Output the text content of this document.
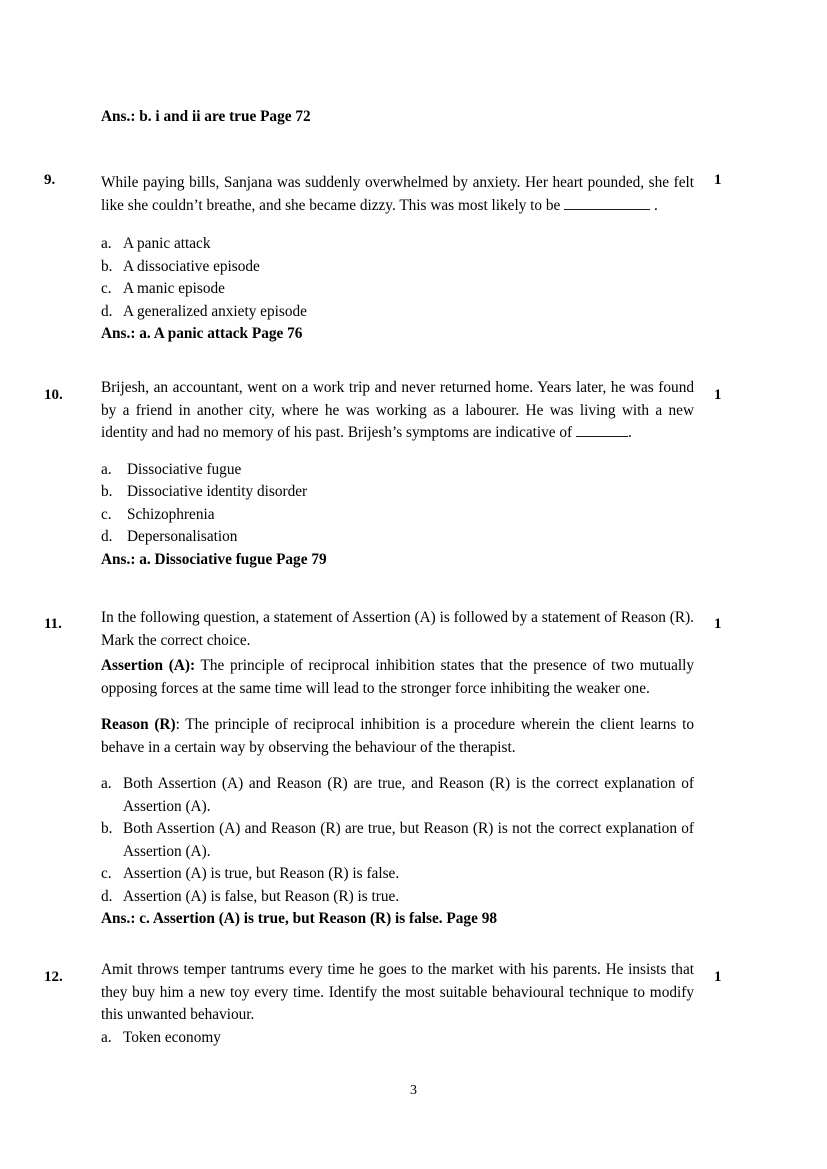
Ans.: b. i and ii are true Page 72

9.	1

While paying bills, Sanjana was suddenly overwhelmed by anxiety. Her heart pounded, she felt like she couldn’t breathe, and she became dizzy. This was most likely to be	.

a. A panic attack
b. A dissociative episode
c. A manic episode
d. A generalized anxiety episode

Ans.: a. A panic attack Page 76

10.	1

Brijesh, an accountant, went on a work trip and never returned home. Years later, he was found by a friend in another city, where he was working as a labourer. He was living with a new identity and had no memory of his past. Brijesh’s symptoms are indicative of	.

a.	Dissociative fugue
b. Dissociative identity disorder
c.	Schizophrenia
d. Depersonalisation

Ans.: a. Dissociative fugue Page 79

11.	1

In the following question, a statement of Assertion (A) is followed by a statement of Reason (R). Mark the correct choice.

Assertion (A): The principle of reciprocal inhibition states that the presence of two mutually opposing forces at the same time will lead to the stronger force inhibiting the weaker one.

Reason (R): The principle of reciprocal inhibition is a procedure wherein the client learns to behave in a certain way by observing the behaviour of the therapist.

a. Both Assertion (A) and Reason (R) are true, and Reason (R) is the correct explanation of Assertion (A).
b. Both Assertion (A) and Reason (R) are true, but Reason (R) is not the correct explanation of Assertion (A).
c. Assertion (A) is true, but Reason (R) is false.
d. Assertion (A) is false, but Reason (R) is true.

Ans.: c. Assertion (A) is true, but Reason (R) is false. Page 98

12.	1

Amit throws temper tantrums every time he goes to the market with his parents. He insists that they buy him a new toy every time. Identify the most suitable behavioural technique to modify this unwanted behaviour.

a. Token economy
3
